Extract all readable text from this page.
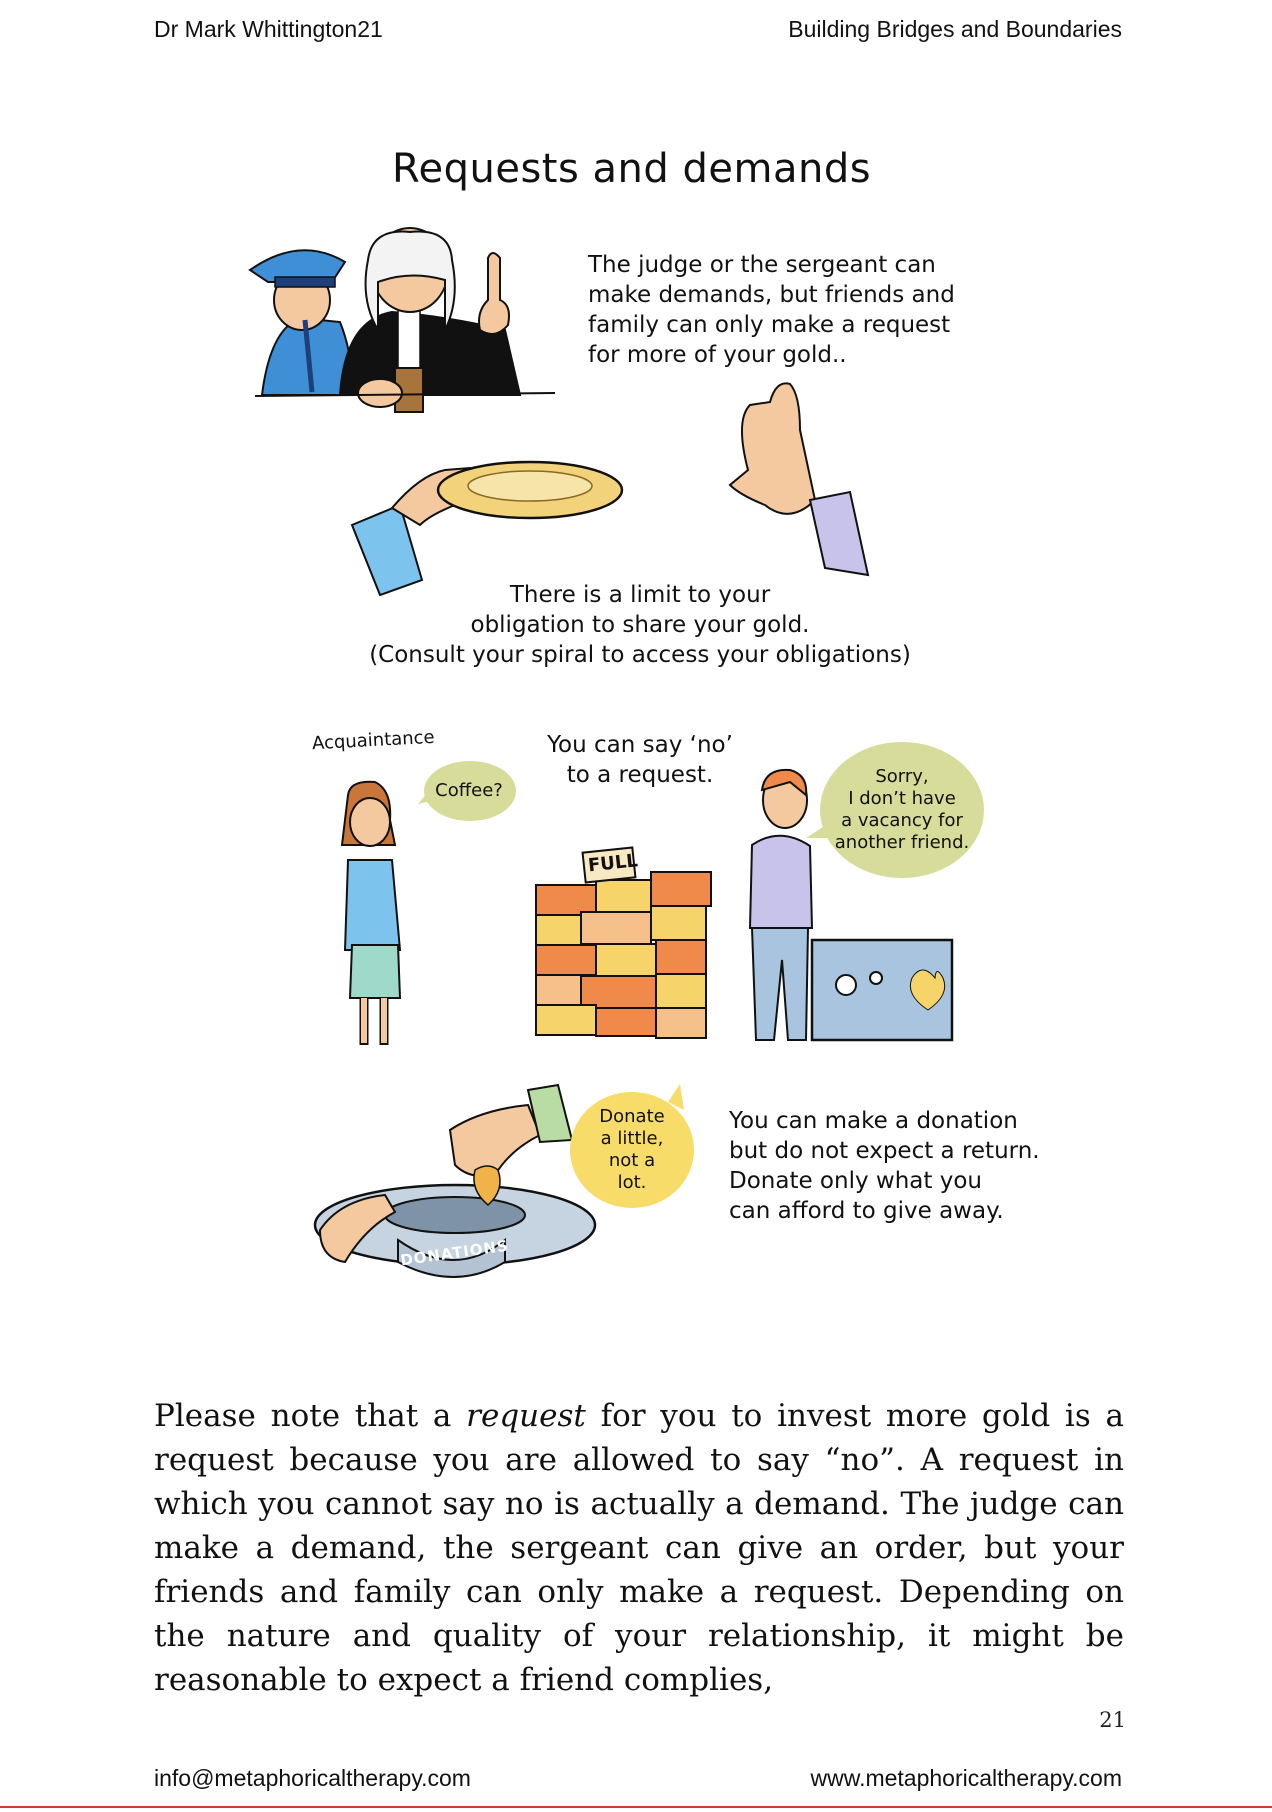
Dr Mark Whittington21	Building Bridges and Boundaries
Requests and demands
The judge or the sergeant can
make demands, but friends and
family can only make a request
for more of your gold..
There is a limit to your
obligation to share your gold.
(Consult your spiral to access your obligations)
Acquaintance
Coffee?
You can say ‘no’
to a request.
FULL
Sorry,
I don’t have
a vacancy for
another friend.
Donate
a little,
not a
lot.
DONATIONS
You can make a donation
but do not expect a return.
Donate only what you
can afford to give away.
Please note that a request for you to invest more gold is a request because you are allowed to say “no”. A request in which you cannot say no is actually a demand. The judge can make a demand, the sergeant can give an order, but your friends and family can only make a request. Depending on the nature and quality of your relationship, it might be reasonable to expect a friend complies,
21
info@metaphoricaltherapy.com	www.metaphoricaltherapy.com
